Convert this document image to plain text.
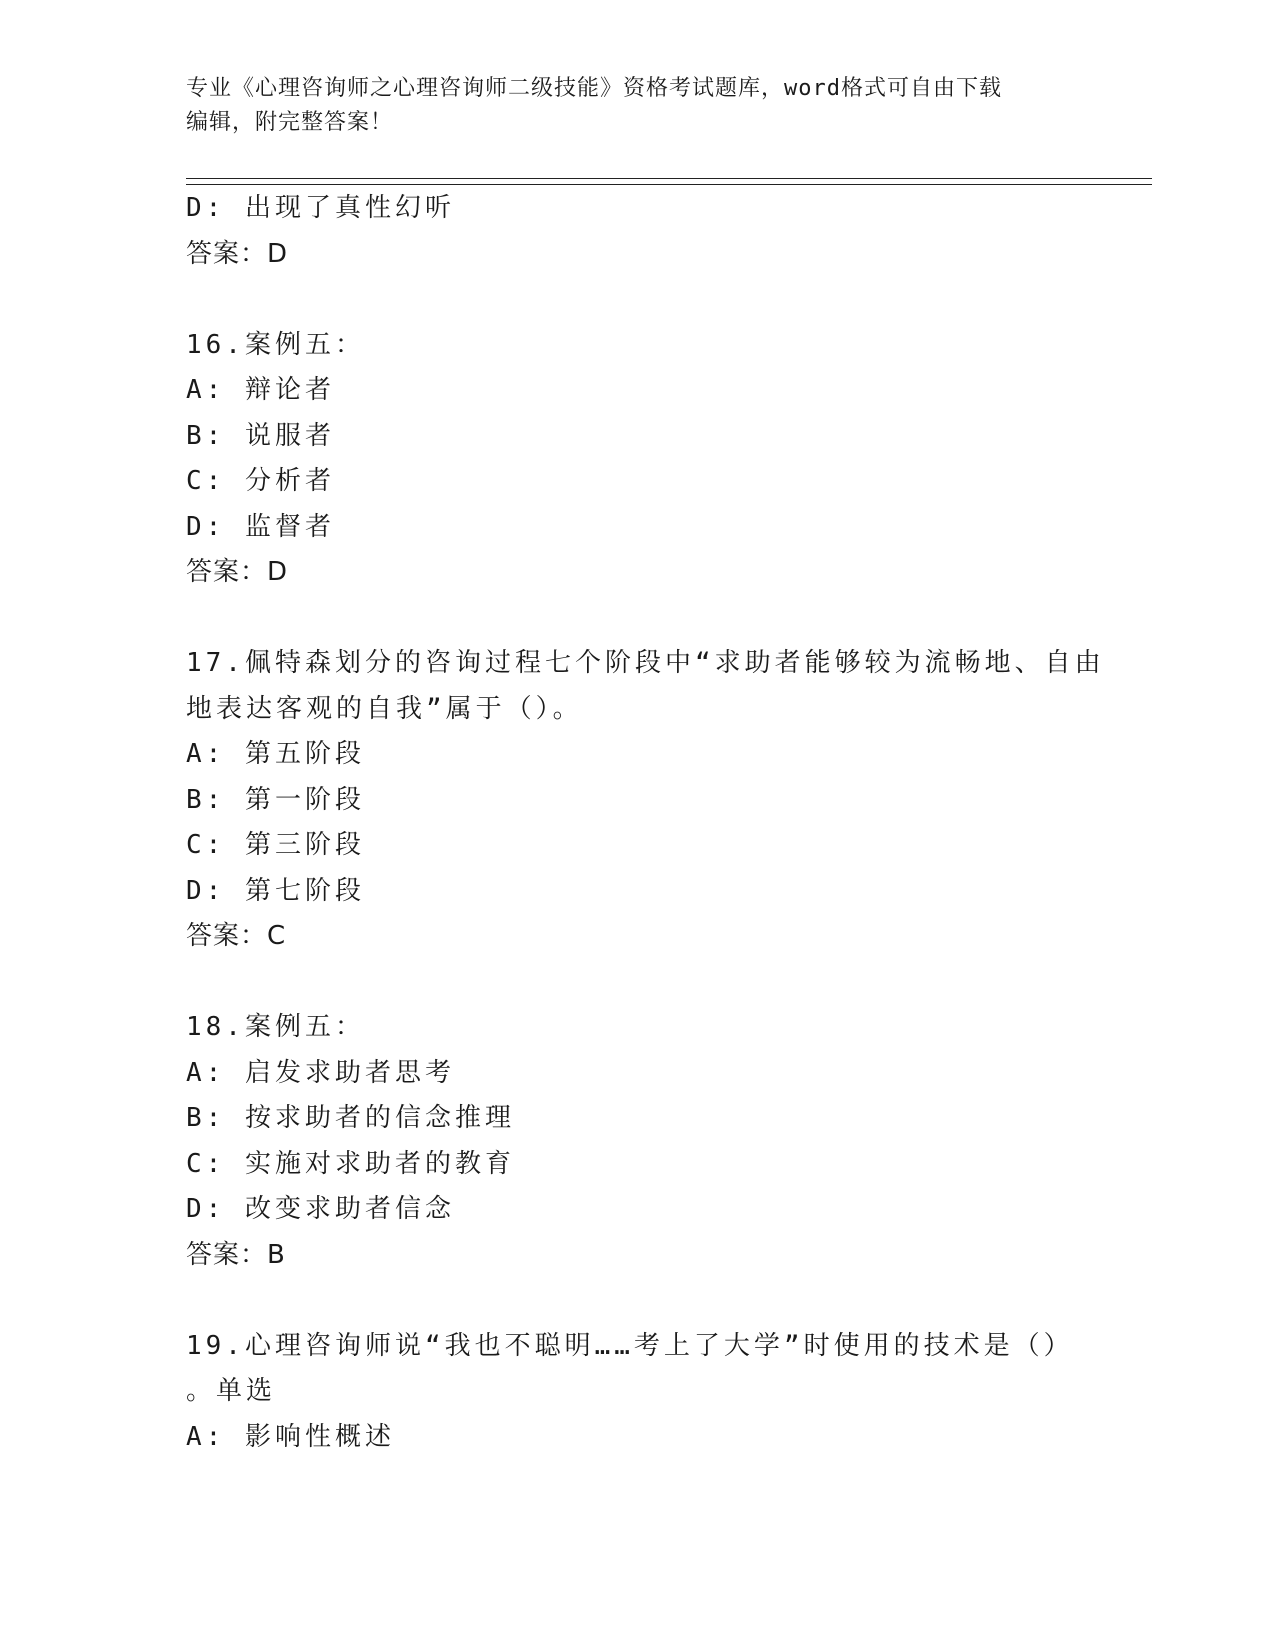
专业《心理咨询师之心理咨询师二级技能》资格考试题库，word格式可自由下载
编辑，附完整答案！
D: 出现了真性幻听
答案：D
16.案例五：
A: 辩论者
B: 说服者
C: 分析者
D: 监督者
答案：D
17.佩特森划分的咨询过程七个阶段中“求助者能够较为流畅地、自由
地表达客观的自我”属于（）。
A: 第五阶段
B: 第一阶段
C: 第三阶段
D: 第七阶段
答案：C
18.案例五：
A: 启发求助者思考
B: 按求助者的信念推理
C: 实施对求助者的教育
D: 改变求助者信念
答案：B
19.心理咨询师说“我也不聪明……考上了大学”时使用的技术是（）
。单选
A: 影响性概述
